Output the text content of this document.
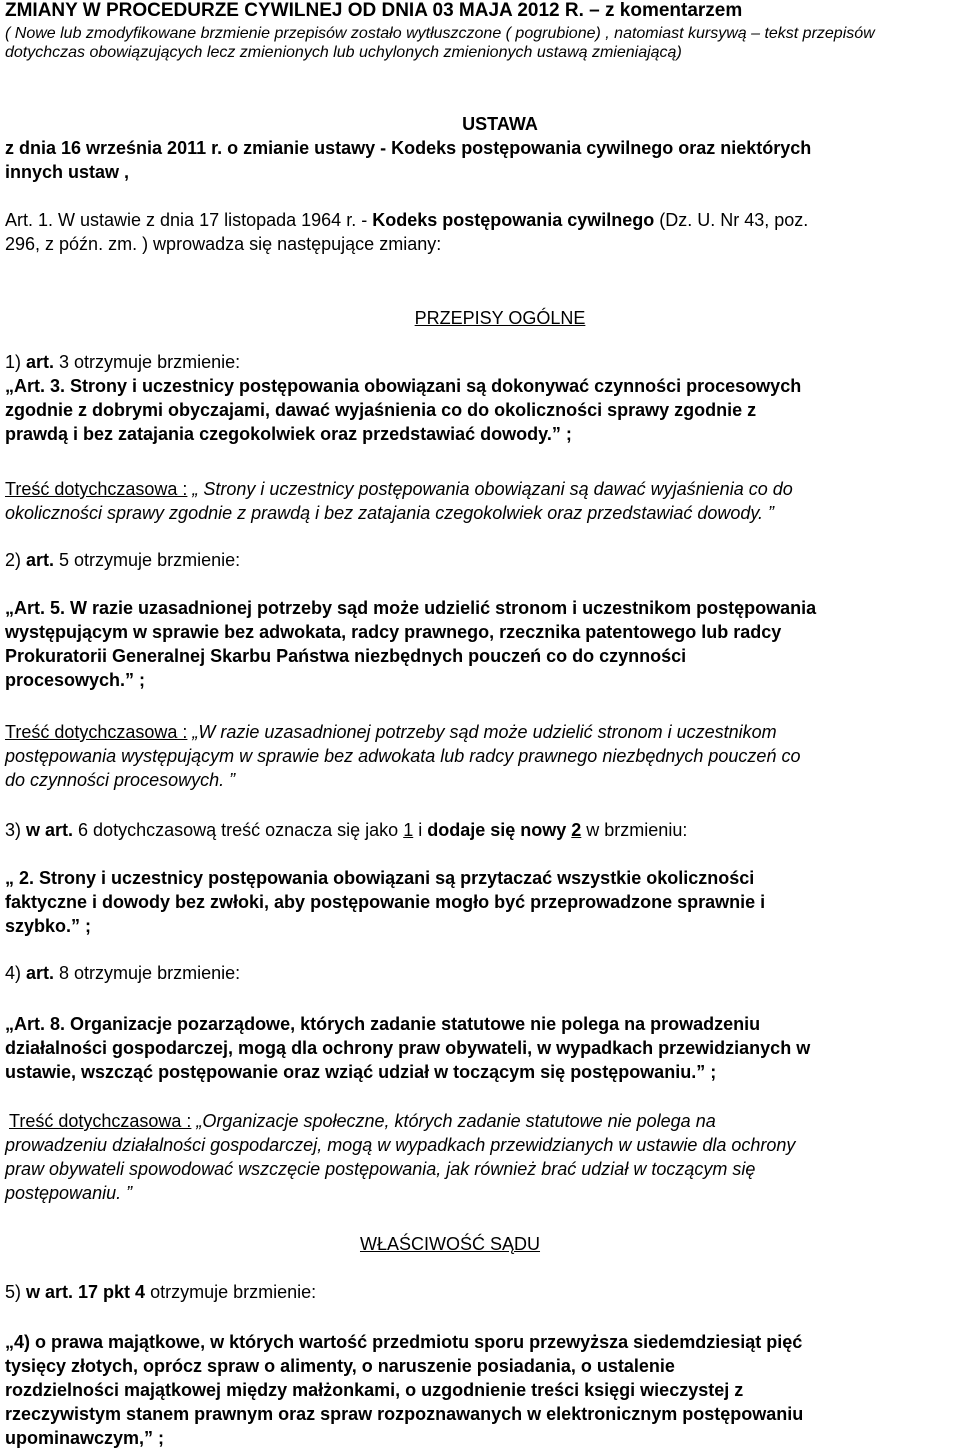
ZMIANY W PROCEDURZE CYWILNEJ OD DNIA 03 MAJA 2012 R. – z komentarzem
( Nowe lub zmodyfikowane brzmienie przepisów zostało wytłuszczone ( pogrubione) , natomiast kursywą – tekst przepisów
dotychczas obowiązujących lecz zmienionych lub uchylonych zmienionych ustawą zmieniającą)
USTAWA
z dnia 16 września 2011 r. o zmianie ustawy - Kodeks postępowania cywilnego oraz niektórych
innych ustaw ,
Art. 1. W ustawie z dnia 17 listopada 1964 r. - Kodeks postępowania cywilnego (Dz. U. Nr 43, poz.
296, z późn. zm. ) wprowadza się następujące zmiany:
PRZEPISY OGÓLNE
1) art. 3 otrzymuje brzmienie:
„Art. 3. Strony i uczestnicy postępowania obowiązani są dokonywać czynności procesowych
zgodnie z dobrymi obyczajami, dawać wyjaśnienia co do okoliczności sprawy zgodnie z
prawdą i bez zatajania czegokolwiek oraz przedstawiać dowody.” ;
Treść dotychczasowa : „ Strony i uczestnicy postępowania obowiązani są dawać wyjaśnienia co do
okoliczności sprawy zgodnie z prawdą i bez zatajania czegokolwiek oraz przedstawiać dowody. ”
2) art. 5 otrzymuje brzmienie:
„Art. 5. W razie uzasadnionej potrzeby sąd może udzielić stronom i uczestnikom postępowania
występującym w sprawie bez adwokata, radcy prawnego, rzecznika patentowego lub radcy
Prokuratorii Generalnej Skarbu Państwa niezbędnych pouczeń co do czynności
procesowych.” ;
Treść dotychczasowa : „W razie uzasadnionej potrzeby sąd może udzielić stronom i uczestnikom
postępowania występującym w sprawie bez adwokata lub radcy prawnego niezbędnych pouczeń co
do czynności procesowych. ”
3) w art. 6 dotychczasową treść oznacza się jako 1 i dodaje się nowy 2 w brzmieniu:
„ 2. Strony i uczestnicy postępowania obowiązani są przytaczać wszystkie okoliczności
faktyczne i dowody bez zwłoki, aby postępowanie mogło być przeprowadzone sprawnie i
szybko.” ;
4) art. 8 otrzymuje brzmienie:
„Art. 8. Organizacje pozarządowe, których zadanie statutowe nie polega na prowadzeniu
działalności gospodarczej, mogą dla ochrony praw obywateli, w wypadkach przewidzianych w
ustawie, wszcząć postępowanie oraz wziąć udział w toczącym się postępowaniu.” ;
Treść dotychczasowa : „Organizacje społeczne, których zadanie statutowe nie polega na
prowadzeniu działalności gospodarczej, mogą w wypadkach przewidzianych w ustawie dla ochrony
praw obywateli spowodować wszczęcie postępowania, jak również brać udział w toczącym się
postępowaniu. ”
WŁAŚCIWOŚĆ SĄDU
5) w art. 17 pkt 4 otrzymuje brzmienie:
„4) o prawa majątkowe, w których wartość przedmiotu sporu przewyższa siedemdziesiąt pięć
tysięcy złotych, oprócz spraw o alimenty, o naruszenie posiadania, o ustalenie
rozdzielności majątkowej między małżonkami, o uzgodnienie treści księgi wieczystej z
rzeczywistym stanem prawnym oraz spraw rozpoznawanych w elektronicznym postępowaniu
upominawczym,” ;
